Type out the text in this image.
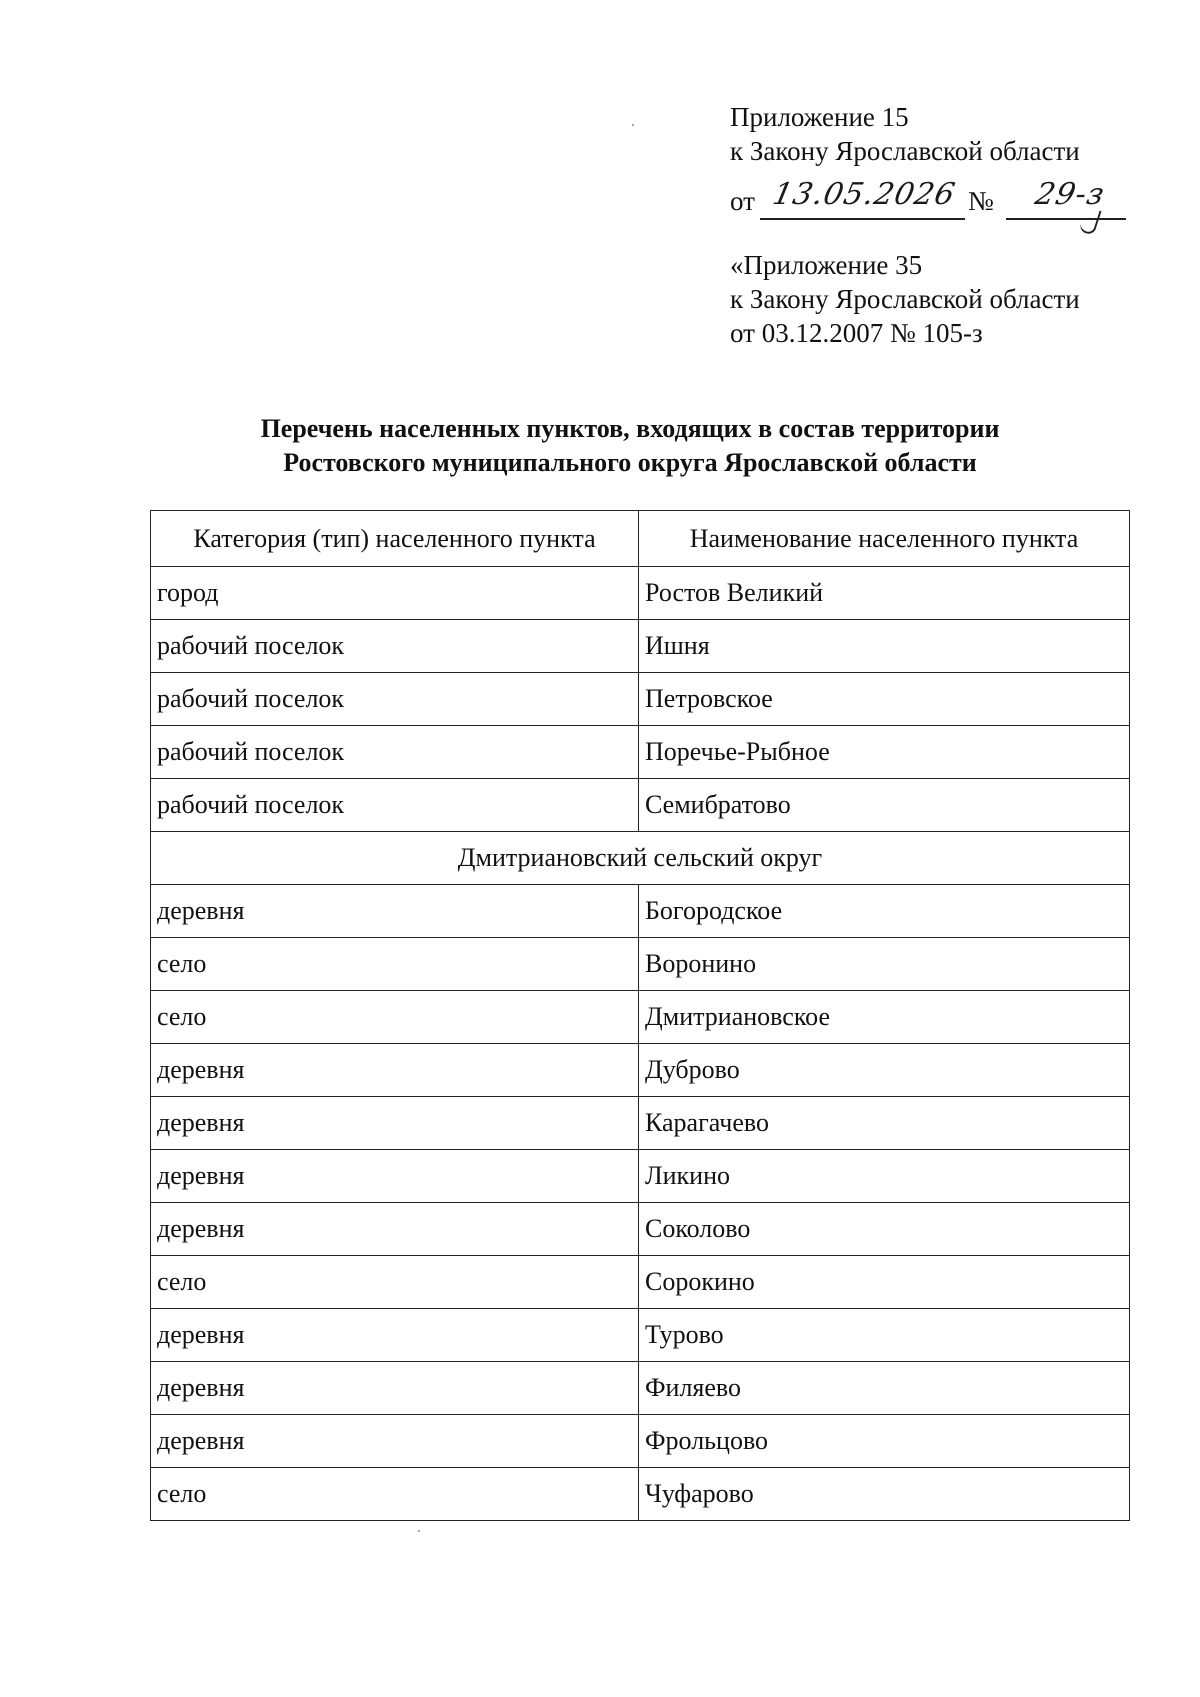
Приложение 15
к Закону Ярославской области
от 13.05.2026 №	29-з
«Приложение 35
к Закону Ярославской области
от 03.12.2007 № 105-з
Перечень населенных пунктов, входящих в состав территории
Ростовского муниципального округа Ярославской области
Категория (тип) населенного пункта	Наименование населенного пункта
город	Ростов Великий
рабочий поселок	Ишня
рабочий поселок	Петровское
рабочий поселок	Поречье-Рыбное
рабочий поселок	Семибратово
Дмитриановский сельский округ	
деревня	Богородское
село	Воронино
село	Дмитриановское
деревня	Дуброво
деревня	Карагачево
деревня	Ликино
деревня	Соколово
село	Сорокино
деревня	Турово
деревня	Филяево
деревня	Фрольцово
село	Чуфарово
